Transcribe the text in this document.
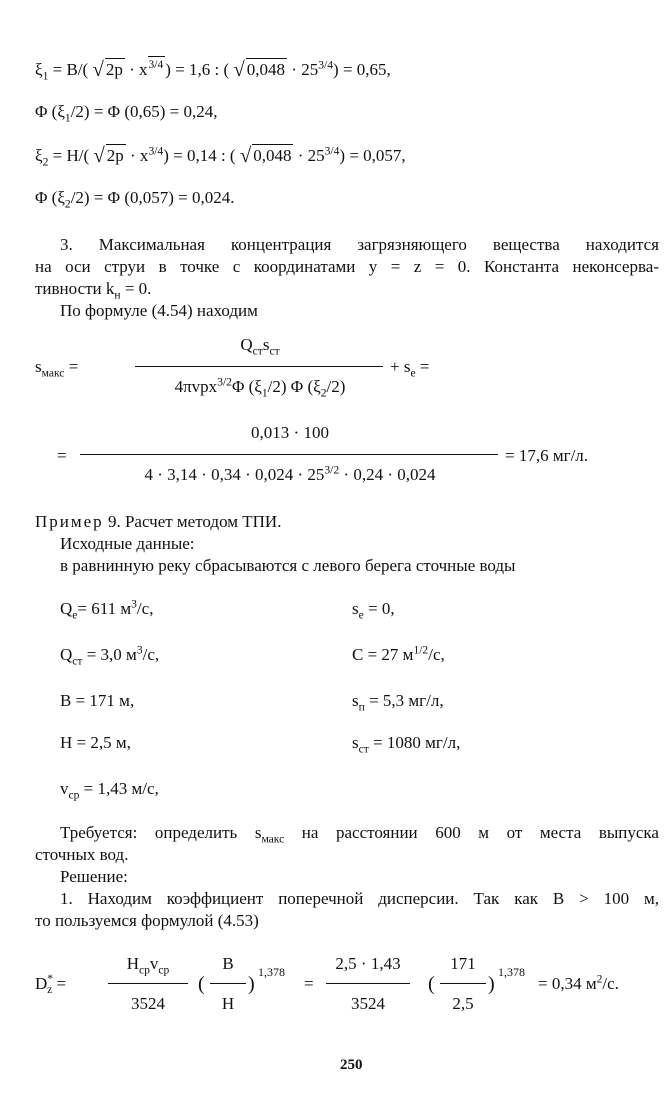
$\xi_1 = B/$( √ $2p \cdot x^{3/4}$ ) = 1,6 : ( √ $0,048 \cdot 25^{3/4}) = 0,65$,
Φ $(\xi_1/2) = \Phi$ (0,65) = 0,24,
$\xi_2 = H/$( √ $2p \cdot x^{3/4}) = 0,14$ : ( √ $0,048 \cdot 25^{3/4}) = 0,057$,
Φ $(\xi_2/2) = \Phi$ (0,057) = 0,024.
3. Максимальная концентрация загрязняющего вещества находится
на оси струи в точке с координатами y = z = 0. Константа неконсерва-
тивности $k_н = 0$.
По формуле (4.54) находим
$s_{макс}$ =
$Q_{ст}s_{ст}$
4πvpx$^{3/2}$Φ $(\xi_1/2)$ Φ $(\xi_2/2)$
+ $s_e$ =
=
0,013 · 100
$4 \cdot 3,14 \cdot 0,34 \cdot 0,024 \cdot 25^{3/2} \cdot 0,24 \cdot 0,024$
= 17,6 мг/л.
Пример 9. Расчет методом ТПИ.
Исходные данные:
в равнинную реку сбрасываются с левого берега сточные воды
$Q_e= 611$ $м^3/c$,
$Q_{ст} = 3,0$ $м^3/c$,
B = 171 м,
H = 2,5 м,
$v_{cp} = 1,43$ м/с,
$s_e = 0$,
C = 27 $м^{1/2}/c$,
$s_п = 5,3$ мг/л,
$s_{ст} = 1080$ мг/л,
Требуется: определить $s_{макс}$ на расстоянии 600 м от места выпуска
сточных вод.
Решение:
1. Находим коэффициент поперечной дисперсии. Так как B > 100 м,
то пользуемся формулой (4.53)
$D^*_z$ =
$H_{cp}v_{cp}$
3524
(
B
H
)
1,378
=
2,5 · 1,43
3524
(
171
2,5
)
1,378
= 0,34 $м^2/c$.
250
